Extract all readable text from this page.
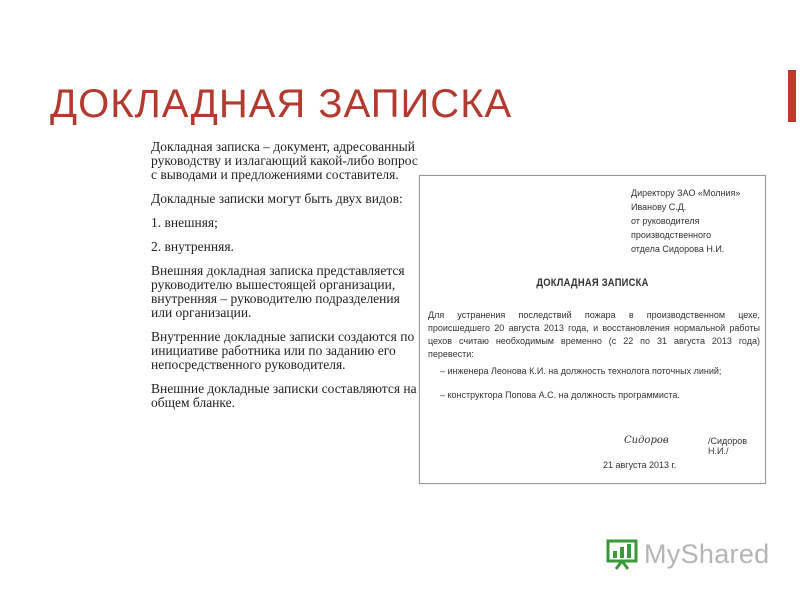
ДОКЛАДНАЯ ЗАПИСКА

Докладная записка – документ, адресованный руководству и излагающий какой-либо вопрос с выводами и предложениями составителя.

Докладные записки могут быть двух видов:

1. внешняя;

2. внутренняя.

Внешняя докладная записка представляется руководителю вышестоящей организации, внутренняя – руководителю подразделения или организации.

Внутренние докладные записки создаются по инициативе работника или по заданию его непосредственного руководителя.

Внешние докладные записки составляются на общем бланке.

Директору ЗАО «Молния»
Иванову С.Д.
от руководителя производственного
отдела Сидорова Н.И.
ДОКЛАДНАЯ ЗАПИСКА
Для устранения последствий пожара в производственном цехе, происшедшего 20 августа 2013 года, и восстановления нормальной работы цехов считаю необходимым временно (с 22 по 31 августа 2013 года) перевести:
– инженера Леонова К.И. на должность технолога поточных линий;
– конструктора Попова А.С. на должность программиста.
Сидоров	/Сидоров Н.И./
21 августа 2013 г.
MyShared
